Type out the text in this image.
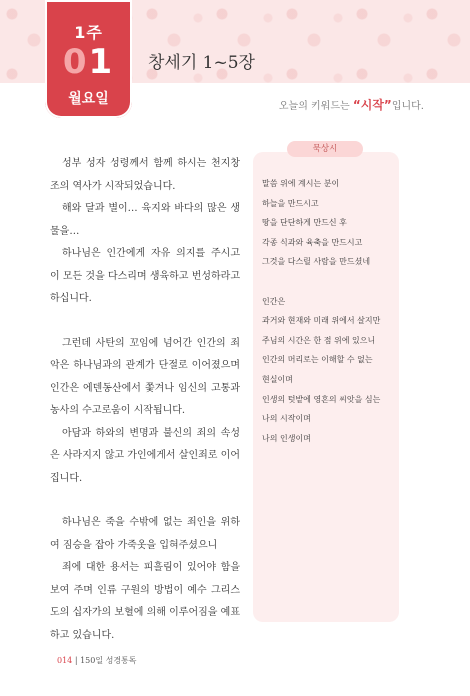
1주
01
월요일
창세기 1~5장
오늘의 키워드는 “시작”입니다.

성부 성자 성령께서 함께 하시는 천지창조의 역사가 시작되었습니다.

해와 달과 별이… 육지와 바다의 많은 생물을…

하나님은 인간에게 자유 의지를 주시고 이 모든 것을 다스리며 생육하고 번성하라고 하십니다.

그런데 사탄의 꼬임에 넘어간 인간의 죄악은 하나님과의 관계가 단절로 이어졌으며 인간은 에덴동산에서 쫓겨나 임신의 고통과 농사의 수고로움이 시작됩니다.

아담과 하와의 변명과 불신의 죄의 속성은 사라지지 않고 가인에게서 살인죄로 이어집니다.

하나님은 죽을 수밖에 없는 죄인을 위하여 짐승을 잡아 가죽옷을 입혀주셨으니

죄에 대한 용서는 피흘림이 있어야 함을 보여 주며 인류 구원의 방법이 예수 그리스도의 십자가의 보혈에 의해 이루어짐을 예표하고 있습니다.

묵상시
말씀 위에 계시는 분이
하늘을 만드시고
땅을 단단하게 만드신 후
각종 식과와 육축을 만드시고
그것을 다스릴 사람을 만드셨네
인간은
과거와 현재와 미래 위에서 살지만
주님의 시간은 한 점 위에 있으니
인간의 머리로는 이해할 수 없는
현실이며
인생의 텃밭에 영혼의 씨앗을 심는
나의 시작이며
나의 인생이며
014 | 150일 성경통독
